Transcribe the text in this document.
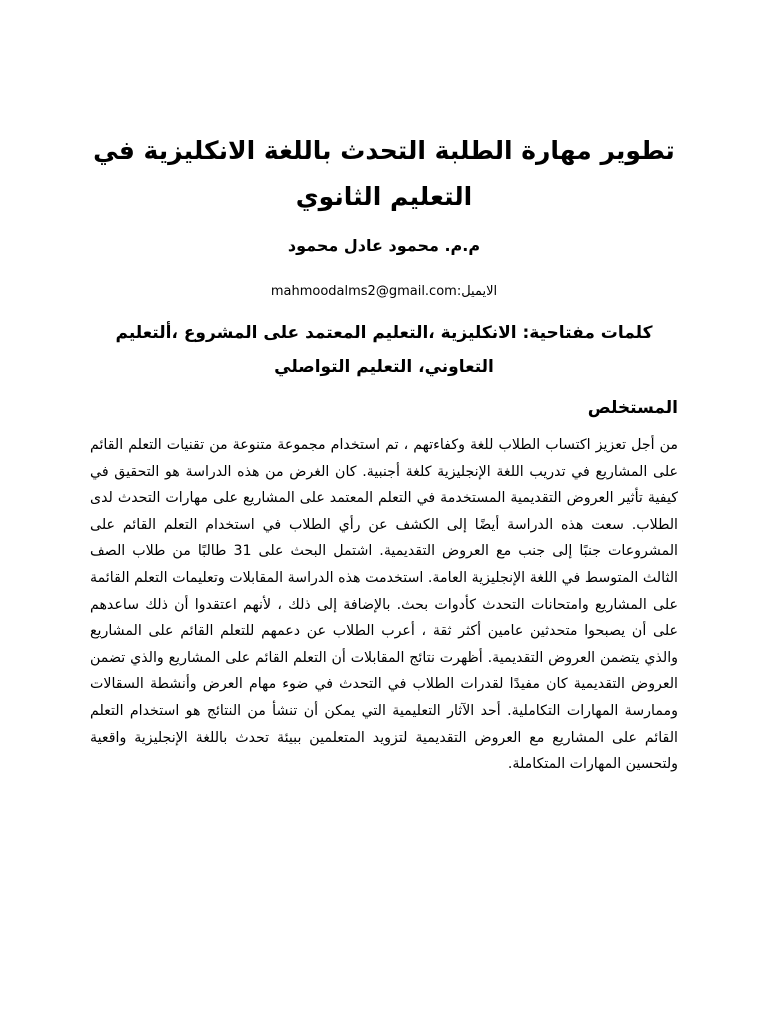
تطوير مهارة الطلبة التحدث باللغة الانكليزية في التعليم الثانوي

م.م. محمود عادل محمود

الايميل:mahmoodalms2@gmail.com

كلمات مفتاحية: الانكليزية ،التعليم المعتمد على المشروع ،ألتعليم التعاوني، التعليم التواصلي

المستخلص

من أجل تعزيز اكتساب الطلاب للغة وكفاءتهم ، تم استخدام مجموعة متنوعة من تقنيات التعلم القائم على المشاريع في تدريب اللغة الإنجليزية كلغة أجنبية. كان الغرض من هذه الدراسة هو التحقيق في كيفية تأثير العروض التقديمية المستخدمة في التعلم المعتمد على المشاريع على مهارات التحدث لدى الطلاب. سعت هذه الدراسة أيضًا إلى الكشف عن رأي الطلاب في استخدام التعلم القائم على المشروعات جنبًا إلى جنب مع العروض التقديمية. اشتمل البحث على 31 طالبًا من طلاب الصف الثالث المتوسط في اللغة الإنجليزية العامة. استخدمت هذه الدراسة المقابلات وتعليمات التعلم القائمة على المشاريع وامتحانات التحدث كأدوات بحث. بالإضافة إلى ذلك ، لأنهم اعتقدوا أن ذلك ساعدهم على أن يصبحوا متحدثين عامين أكثر ثقة ، أعرب الطلاب عن دعمهم للتعلم القائم على المشاريع والذي يتضمن العروض التقديمية. أظهرت نتائج المقابلات أن التعلم القائم على المشاريع والذي تضمن العروض التقديمية كان مفيدًا لقدرات الطلاب في التحدث في ضوء مهام العرض وأنشطة السقالات وممارسة المهارات التكاملية. أحد الآثار التعليمية التي يمكن أن تنشأ من النتائج هو استخدام التعلم القائم على المشاريع مع العروض التقديمية لتزويد المتعلمين ببيئة تحدث باللغة الإنجليزية واقعية ولتحسين المهارات المتكاملة.
